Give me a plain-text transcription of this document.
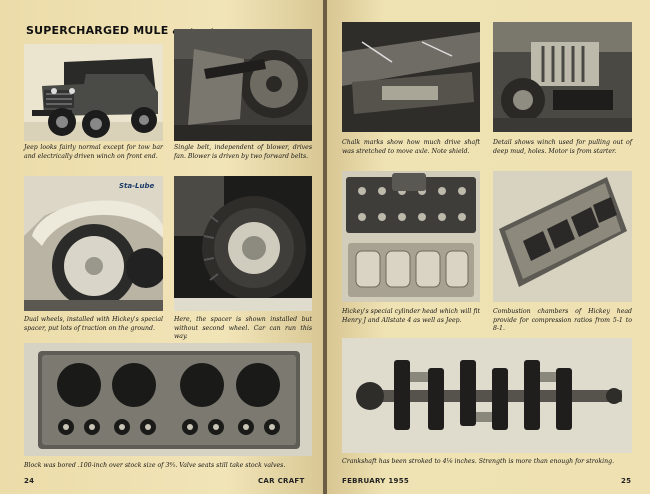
SUPERCHARGED MULE
Jeep looks fairly normal except for tow bar and electrically driven winch on front end.
Single belt, independent of blower, drives fan. Blower is driven by two forward belts.
Sta-Lube
Dual wheels, installed with Hickey's special spacer, put lots of traction on the ground.
Here, the spacer is shown installed but without second wheel. Car can run this way.
Block was bored .100-inch over stock size of 3⅘. Valve seats still take stock valves.
24	CAR CRAFT
Chalk marks show how much drive shaft was stretched to move axle. Note shield.
Detail shows winch used for pulling out of deep mud, holes. Motor is from starter.
Hickey's special cylinder head which will fit Henry J and Allstate 4 as well as Jeep.
Combustion chambers of Hickey head provide for compression ratios from 5-1 to 8-1.
Crankshaft has been stroked to 4⅙ inches. Strength is more than enough for stroking.
FEBRUARY 1955	25
